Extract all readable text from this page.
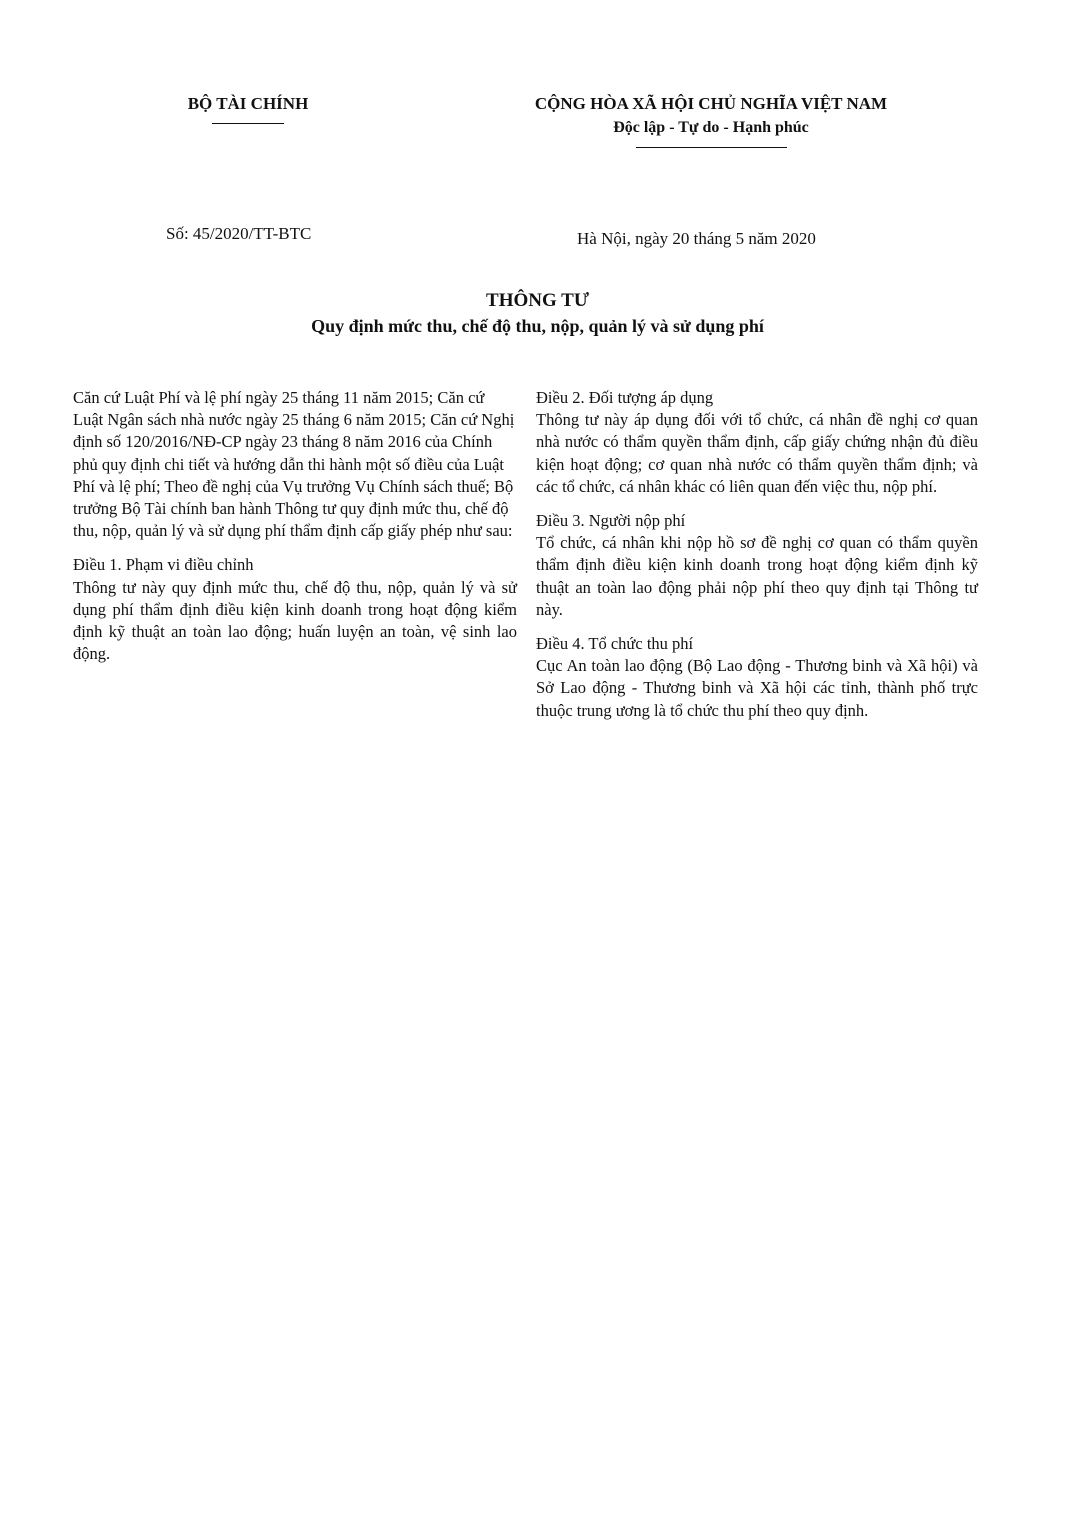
BỘ TÀI CHÍNH	CỘNG HÒA XÃ HỘI CHỦ NGHĨA VIỆT NAM
Độc lập - Tự do - Hạnh phúc
Số: 45/2020/TT-BTC	Hà Nội, ngày 20 tháng 5 năm 2020
THÔNG TƯ
Quy định mức thu, chế độ thu, nộp, quản lý và sử dụng phí

Căn cứ Luật Phí và lệ phí ngày 25 tháng 11 năm 2015; Căn cứ Luật Ngân sách nhà nước ngày 25 tháng 6 năm 2015; Căn cứ Nghị định số 120/2016/NĐ-CP ngày 23 tháng 8 năm 2016 của Chính phủ quy định chi tiết và hướng dẫn thi hành một số điều của Luật Phí và lệ phí; Theo đề nghị của Vụ trưởng Vụ Chính sách thuế; Bộ trưởng Bộ Tài chính ban hành Thông tư quy định mức thu, chế độ thu, nộp, quản lý và sử dụng phí thẩm định cấp giấy phép như sau:

Điều 1. Phạm vi điều chỉnh

Thông tư này quy định mức thu, chế độ thu, nộp, quản lý và sử dụng phí thẩm định điều kiện kinh doanh trong hoạt động kiểm định kỹ thuật an toàn lao động; huấn luyện an toàn, vệ sinh lao động.

Điều 2. Đối tượng áp dụng

Thông tư này áp dụng đối với tổ chức, cá nhân đề nghị cơ quan nhà nước có thẩm quyền thẩm định, cấp giấy chứng nhận đủ điều kiện hoạt động; cơ quan nhà nước có thẩm quyền thẩm định; và các tổ chức, cá nhân khác có liên quan đến việc thu, nộp phí.

Điều 3. Người nộp phí

Tổ chức, cá nhân khi nộp hồ sơ đề nghị cơ quan có thẩm quyền thẩm định điều kiện kinh doanh trong hoạt động kiểm định kỹ thuật an toàn lao động phải nộp phí theo quy định tại Thông tư này.

Điều 4. Tổ chức thu phí

Cục An toàn lao động (Bộ Lao động - Thương binh và Xã hội) và Sở Lao động - Thương binh và Xã hội các tỉnh, thành phố trực thuộc trung ương là tổ chức thu phí theo quy định.
